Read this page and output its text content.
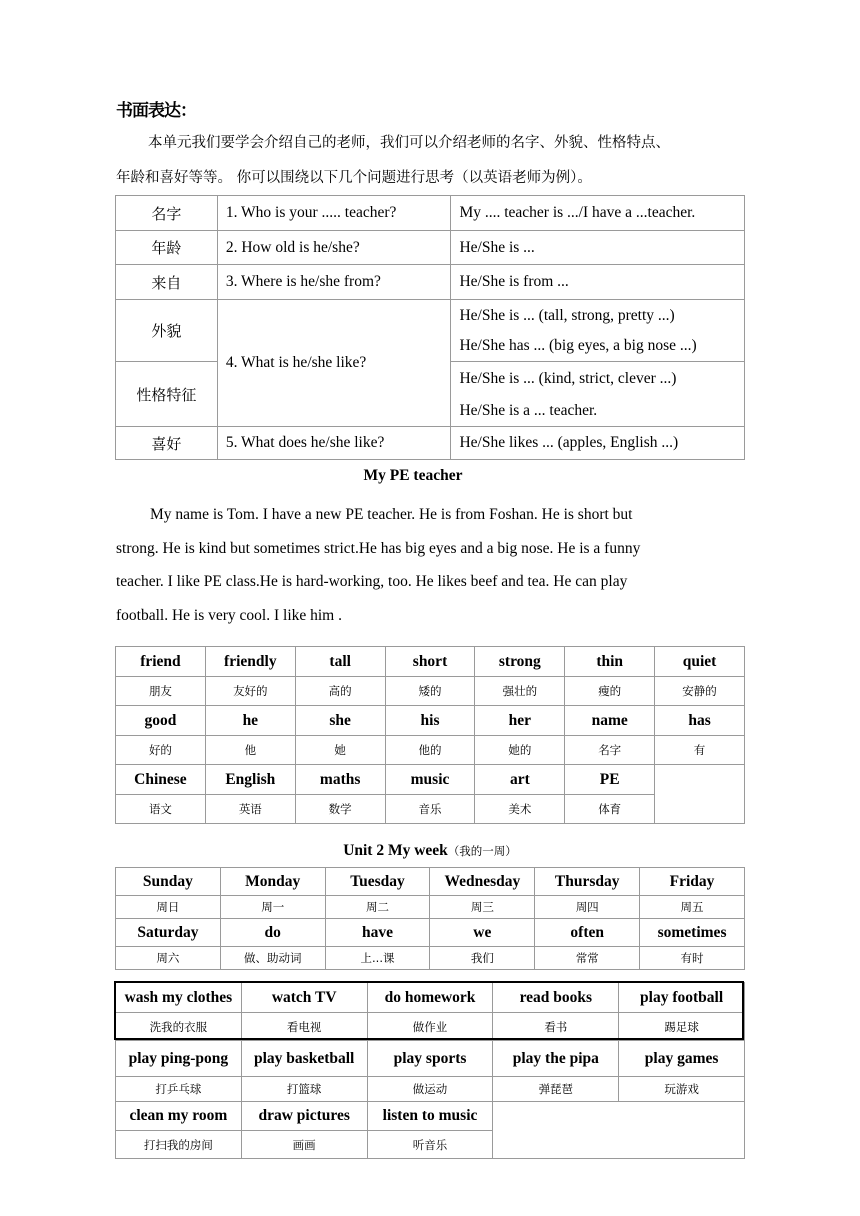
书面表达：
本单元我们要学会介绍自己的老师，我们可以介绍老师的名字、外貌、性格特点、
年龄和喜好等等。 你可以围绕以下几个问题进行思考（以英语老师为例）。
名字	1. Who is your ..... teacher?	My .... teacher is .../I have a ...teacher.
年龄	2. How old is he/she?	He/She is ...
来自	3. Where is he/she from?	He/She is from ...
外貌	4. What is he/she like?	He/She is ... (tall, strong, pretty ...)
He/She has ... (big eyes, a big nose ...)

性格特征		He/She is ... (kind, strict, clever ...)
He/She is a ... teacher.

喜好	5. What does he/she like?	He/She likes ... (apples, English ...)
My PE teacher
My name is Tom. I have a new PE teacher. He is from Foshan. He is short but
strong. He is kind but sometimes strict.He has big eyes and a big nose. He is a funny
teacher. I like PE class.He is hard-working, too. He likes beef and tea. He can play
football. He is very cool. I like him .
friend	friendly	tall	short	strong	thin	quiet
朋友	友好的	高的	矮的	强壮的	瘦的	安静的
good	he	she	his	her	name	has
好的	他	她	他的	她的	名字	有
Chinese	English	maths	music	art	PE	
语文	英语	数学	音乐	美术	体育	
Unit 2 My week（我的一周）
Sunday	Monday	Tuesday	Wednesday	Thursday	Friday
周日	周一	周二	周三	周四	周五
Saturday	do	have	we	often	sometimes
周六	做、助动词	上...课	我们	常常	有时
wash my clothes	watch TV	do homework	read books	play football
洗我的衣服	看电视	做作业	看书	踢足球
play ping-pong	play basketball	play sports	play the pipa	play games
打乒乓球	打篮球	做运动	弹琵琶	玩游戏
clean my room	draw pictures	listen to music		
打扫我的房间	画画	听音乐		
